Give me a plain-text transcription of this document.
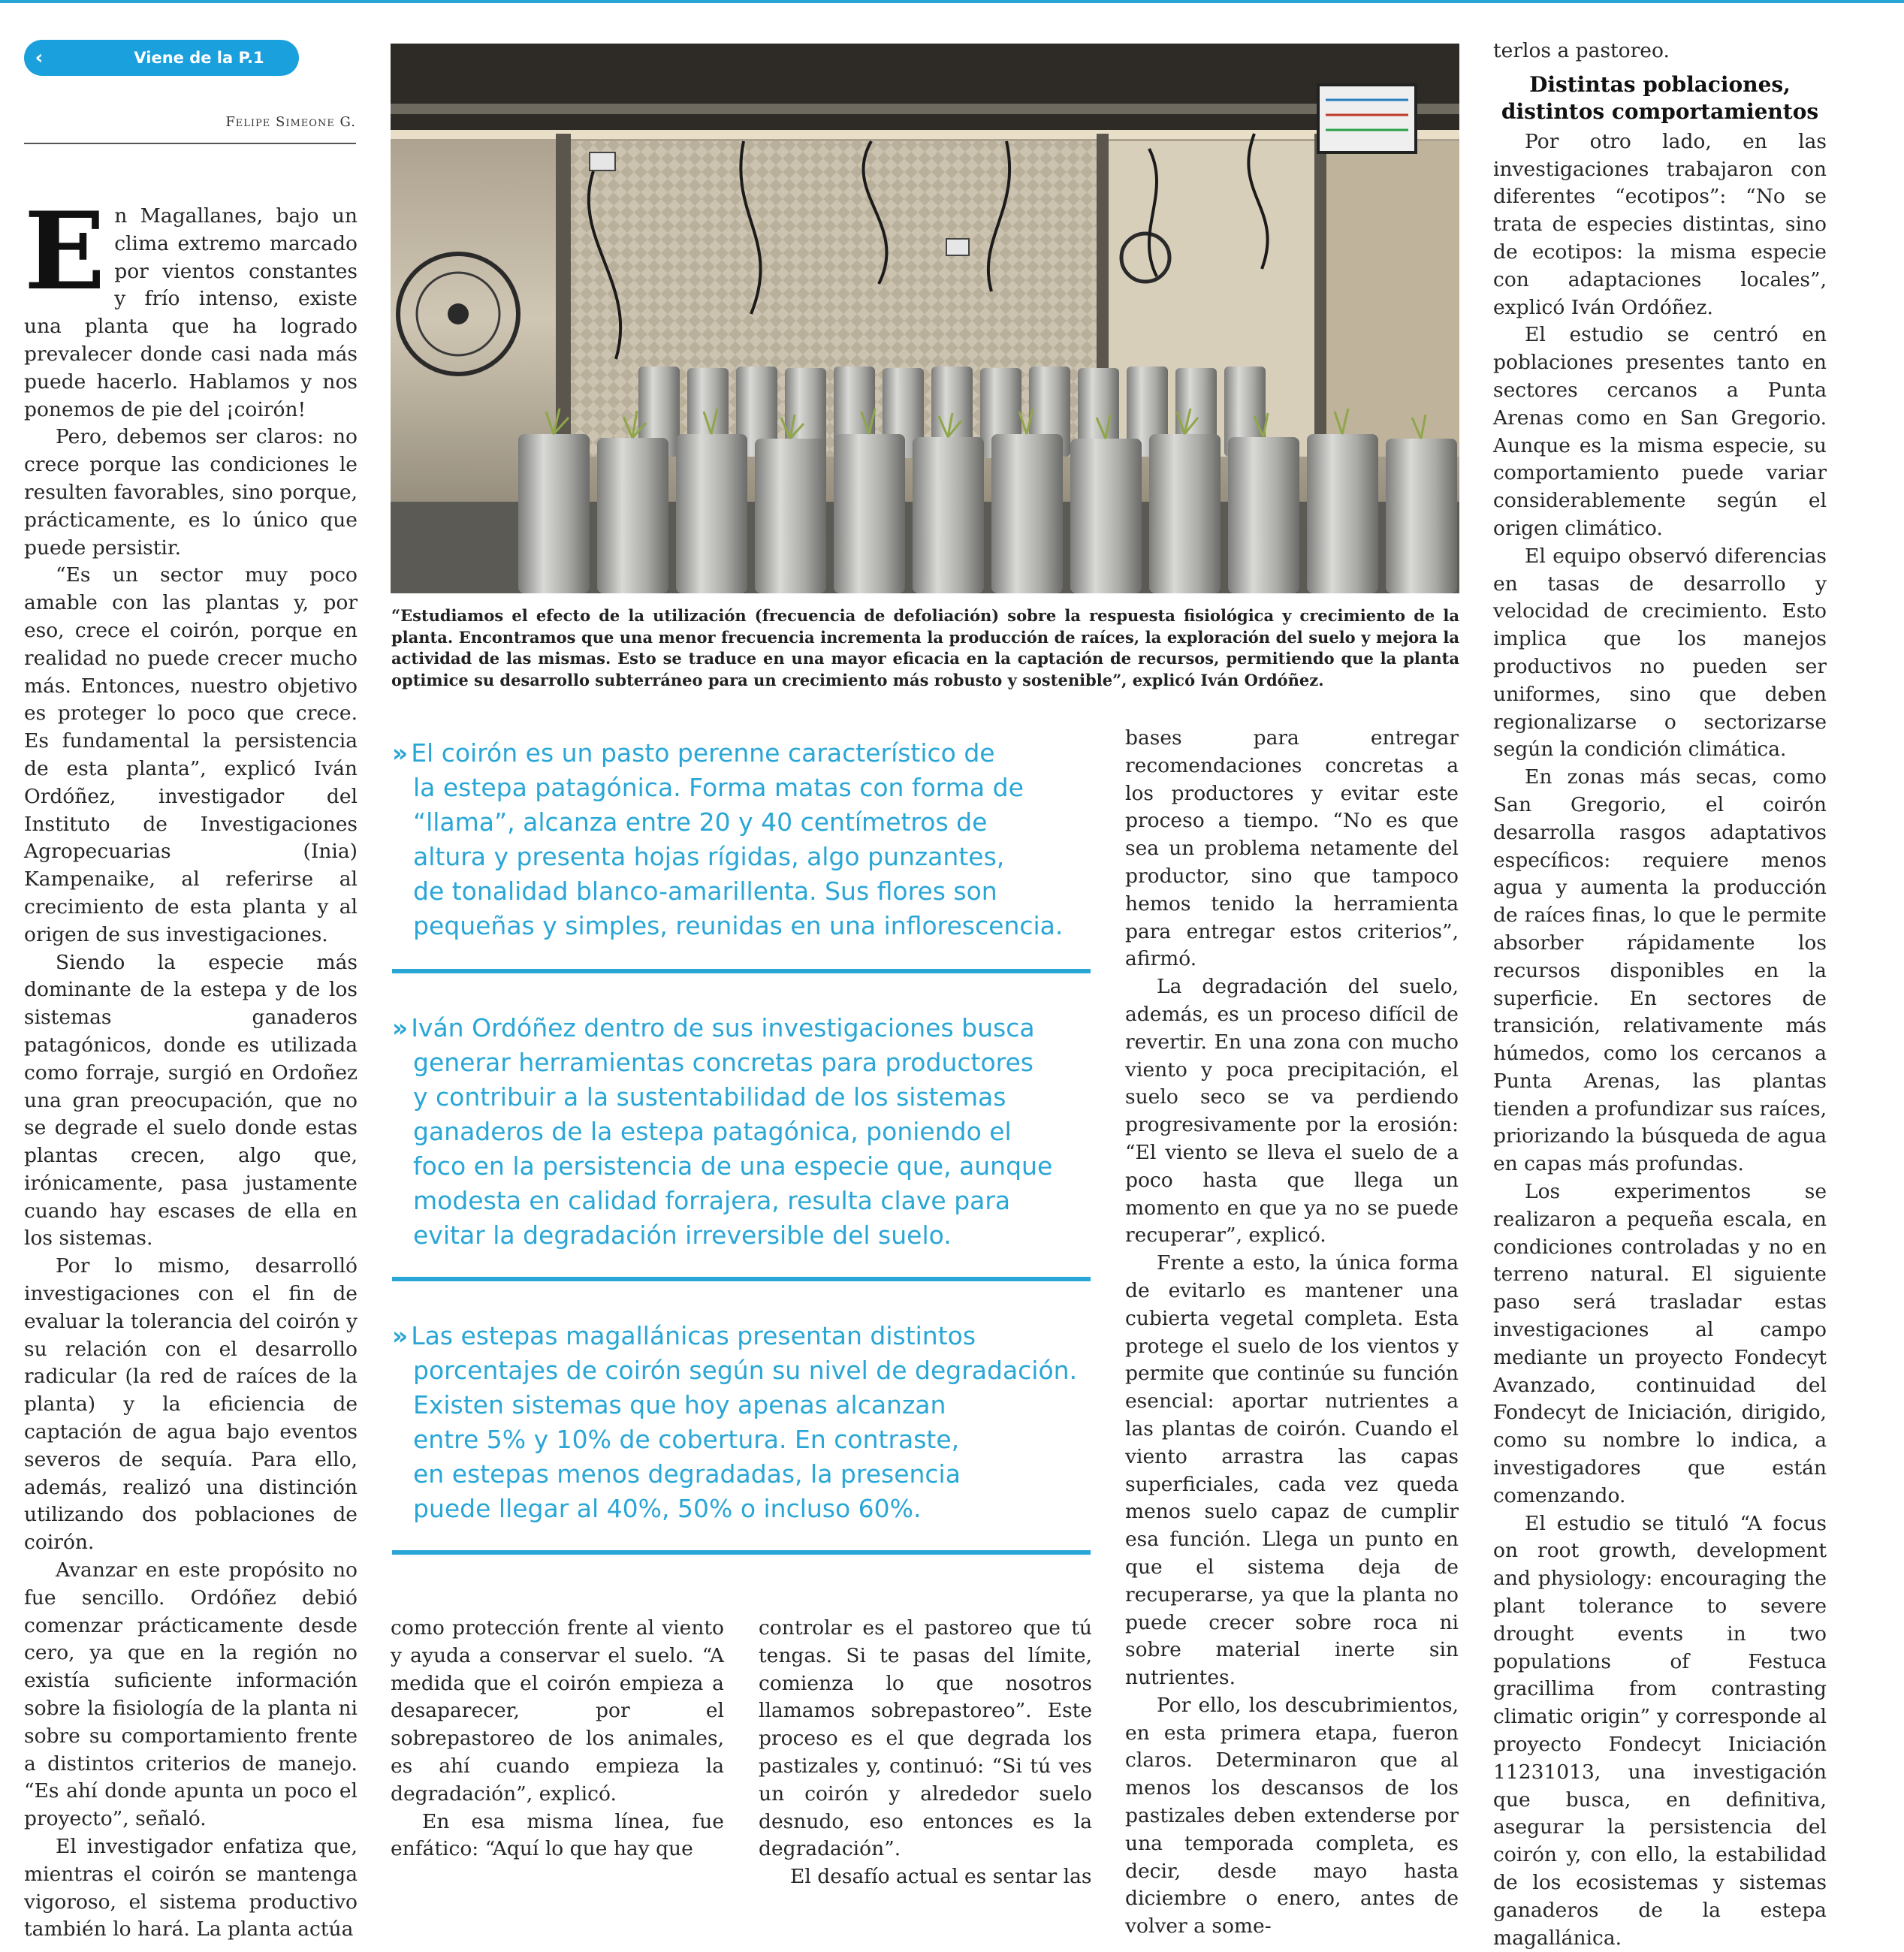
‹	Viene de la P.1
Felipe Simeone G.

En Magallanes, bajo un clima extremo marcado por vientos constantes y frío intenso, existe una planta que ha logrado prevalecer donde casi nada más puede hacerlo. Hablamos y nos ponemos de pie del ¡coirón!

Pero, debemos ser claros: no crece porque las condiciones le resulten favorables, sino porque, prácticamente, es lo único que puede persistir.

“Es un sector muy poco amable con las plantas y, por eso, crece el coirón, porque en realidad no puede crecer mucho más. Entonces, nuestro objetivo es proteger lo poco que crece. Es fundamental la persistencia de esta planta”, explicó Iván Ordóñez, investigador del Instituto de Investigaciones Agropecuarias (Inia) Kampenaike, al referirse al crecimiento de esta planta y al origen de sus investigaciones.

Siendo la especie más dominante de la estepa y de los sistemas ganaderos patagónicos, donde es utilizada como forraje, surgió en Ordoñez una gran preocupación, que no se degrade el suelo donde estas plantas crecen, algo que, irónicamente, pasa justamente cuando hay escases de ella en los sistemas.

Por lo mismo, desarrolló investigaciones con el fin de evaluar la tolerancia del coirón y su relación con el desarrollo radicular (la red de raíces de la planta) y la eficiencia de captación de agua bajo eventos severos de sequía. Para ello, además, realizó una distinción utilizando dos poblaciones de coirón.

Avanzar en este propósito no fue sencillo. Ordóñez debió comenzar prácticamente desde cero, ya que en la región no existía suficiente información sobre la fisiología de la planta ni sobre su comportamiento frente a distintos criterios de manejo. “Es ahí donde apunta un poco el proyecto”, señaló.

El investigador enfatiza que, mientras el coirón se mantenga vigoroso, el sistema productivo también lo hará. La planta actúa

“Estudiamos el efecto de la utilización (frecuencia de defoliación) sobre la respuesta fisiológica y crecimiento de la planta. Encontramos que una menor frecuencia incrementa la producción de raíces, la exploración del suelo y mejora la actividad de las mismas. Esto se traduce en una mayor eficacia en la captación de recursos, permitiendo que la planta optimice su desarrollo subterráneo para un crecimiento más robusto y sostenible”, explicó Iván Ordóñez.
›› El coirón es un pasto perenne característico de
la estepa patagónica. Forma matas con forma de
“llama”, alcanza entre 20 y 40 centímetros de
altura y presenta hojas rígidas, algo punzantes,
de tonalidad blanco-amarillenta. Sus flores son
pequeñas y simples, reunidas en una inflorescencia.
›› Iván Ordóñez dentro de sus investigaciones busca
generar herramientas concretas para productores
y contribuir a la sustentabilidad de los sistemas
ganaderos de la estepa patagónica, poniendo el
foco en la persistencia de una especie que, aunque
modesta en calidad forrajera, resulta clave para
evitar la degradación irreversible del suelo.
›› Las estepas magallánicas presentan distintos
porcentajes de coirón según su nivel de degradación.
Existen sistemas que hoy apenas alcanzan
entre 5% y 10% de cobertura. En contraste,
en estepas menos degradadas, la presencia
puede llegar al 40%, 50% o incluso 60%.

como protección frente al viento y ayuda a conservar el suelo. “A medida que el coirón empieza a desaparecer, por el sobrepastoreo de los animales, es ahí cuando empieza la degradación”, explicó.

En esa misma línea, fue enfático: “Aquí lo que hay que

controlar es el pastoreo que tú tengas. Si te pasas del límite, comienza lo que nosotros llamamos sobrepastoreo”. Este proceso es el que degrada los pastizales y, continuó: “Si tú ves un coirón y alrededor suelo desnudo, eso entonces es la degradación”.

El desafío actual es sentar las

bases para entregar recomendaciones concretas a los productores y evitar este proceso a tiempo. “No es que sea un problema netamente del productor, sino que tampoco hemos tenido la herramienta para entregar estos criterios”, afirmó.

La degradación del suelo, además, es un proceso difícil de revertir. En una zona con mucho viento y poca precipitación, el suelo seco se va perdiendo progresivamente por la erosión: “El viento se lleva el suelo de a poco hasta que llega un momento en que ya no se puede recuperar”, explicó.

Frente a esto, la única forma de evitarlo es mantener una cubierta vegetal completa. Esta protege el suelo de los vientos y permite que continúe su función esencial: aportar nutrientes a las plantas de coirón. Cuando el viento arrastra las capas superficiales, cada vez queda menos suelo capaz de cumplir esa función. Llega un punto en que el sistema deja de recuperarse, ya que la planta no puede crecer sobre roca ni sobre material inerte sin nutrientes.

Por ello, los descubrimientos, en esta primera etapa, fueron claros. Determinaron que al menos los descansos de los pastizales deben extenderse por una temporada completa, es decir, desde mayo hasta diciembre o enero, antes de volver a some-

terlos a pastoreo.

Distintas poblaciones, distintos comportamientos

Por otro lado, en las investigaciones trabajaron con diferentes “ecotipos”: “No se trata de especies distintas, sino de ecotipos: la misma especie con adaptaciones locales”, explicó Iván Ordóñez.

El estudio se centró en poblaciones presentes tanto en sectores cercanos a Punta Arenas como en San Gregorio. Aunque es la misma especie, su comportamiento puede variar considerablemente según el origen climático.

El equipo observó diferencias en tasas de desarrollo y velocidad de crecimiento. Esto implica que los manejos productivos no pueden ser uniformes, sino que deben regionalizarse o sectorizarse según la condición climática.

En zonas más secas, como San Gregorio, el coirón desarrolla rasgos adaptativos específicos: requiere menos agua y aumenta la producción de raíces finas, lo que le permite absorber rápidamente los recursos disponibles en la superficie. En sectores de transición, relativamente más húmedos, como los cercanos a Punta Arenas, las plantas tienden a profundizar sus raíces, priorizando la búsqueda de agua en capas más profundas.

Los experimentos se realizaron a pequeña escala, en condiciones controladas y no en terreno natural. El siguiente paso será trasladar estas investigaciones al campo mediante un proyecto Fondecyt Avanzado, continuidad del Fondecyt de Iniciación, dirigido, como su nombre lo indica, a investigadores que están comenzando.

El estudio se tituló “A focus on root growth, development and physiology: encouraging the plant tolerance to severe drought events in two populations of Festuca gracillima from contrasting climatic origin” y corresponde al proyecto Fondecyt Iniciación 11231013, una investigación que busca, en definitiva, asegurar la persistencia del coirón y, con ello, la estabilidad de los ecosistemas y sistemas ganaderos de la estepa magallánica.
